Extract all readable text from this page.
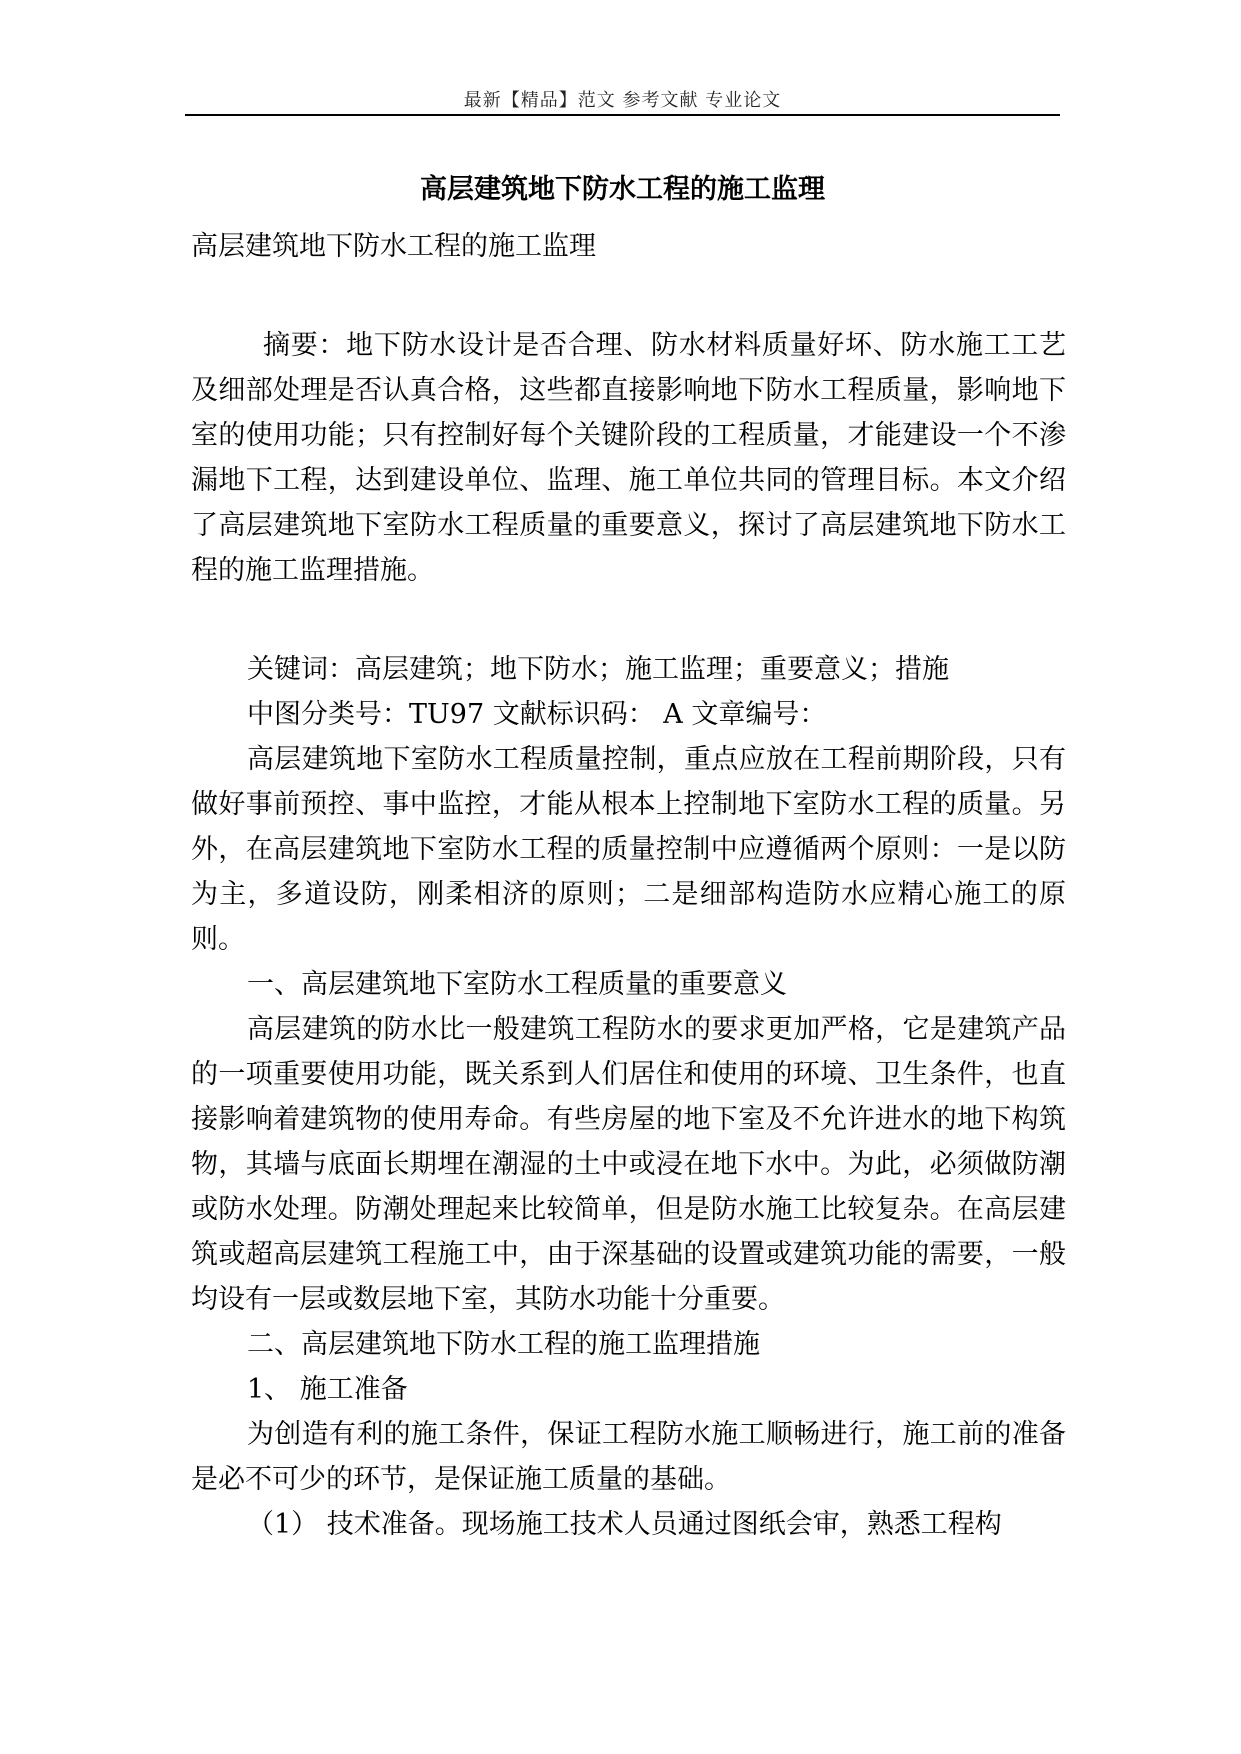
最新【精品】范文 参考文献 专业论文
高层建筑地下防水工程的施工监理

高层建筑地下防水工程的施工监理

摘要：地下防水设计是否合理、防水材料质量好坏、防水施工工艺及细部处理是否认真合格，这些都直接影响地下防水工程质量，影响地下室的使用功能；只有控制好每个关键阶段的工程质量，才能建设一个不渗漏地下工程，达到建设单位、监理、施工单位共同的管理目标。本文介绍了高层建筑地下室防水工程质量的重要意义，探讨了高层建筑地下防水工程的施工监理措施。

关键词：高层建筑；地下防水；施工监理；重要意义；措施

中图分类号：TU97 文献标识码： A 文章编号：

高层建筑地下室防水工程质量控制，重点应放在工程前期阶段，只有做好事前预控、事中监控，才能从根本上控制地下室防水工程的质量。另外，在高层建筑地下室防水工程的质量控制中应遵循两个原则：一是以防为主，多道设防，刚柔相济的原则；二是细部构造防水应精心施工的原则。

一、高层建筑地下室防水工程质量的重要意义

高层建筑的防水比一般建筑工程防水的要求更加严格，它是建筑产品的一项重要使用功能，既关系到人们居住和使用的环境、卫生条件，也直接影响着建筑物的使用寿命。有些房屋的地下室及不允许进水的地下构筑物，其墙与底面长期埋在潮湿的土中或浸在地下水中。为此，必须做防潮或防水处理。防潮处理起来比较简单，但是防水施工比较复杂。在高层建筑或超高层建筑工程施工中，由于深基础的设置或建筑功能的需要，一般均设有一层或数层地下室，其防水功能十分重要。

二、高层建筑地下防水工程的施工监理措施

1、 施工准备

为创造有利的施工条件，保证工程防水施工顺畅进行，施工前的准备是必不可少的环节，是保证施工质量的基础。

（1） 技术准备。现场施工技术人员通过图纸会审，熟悉工程构
